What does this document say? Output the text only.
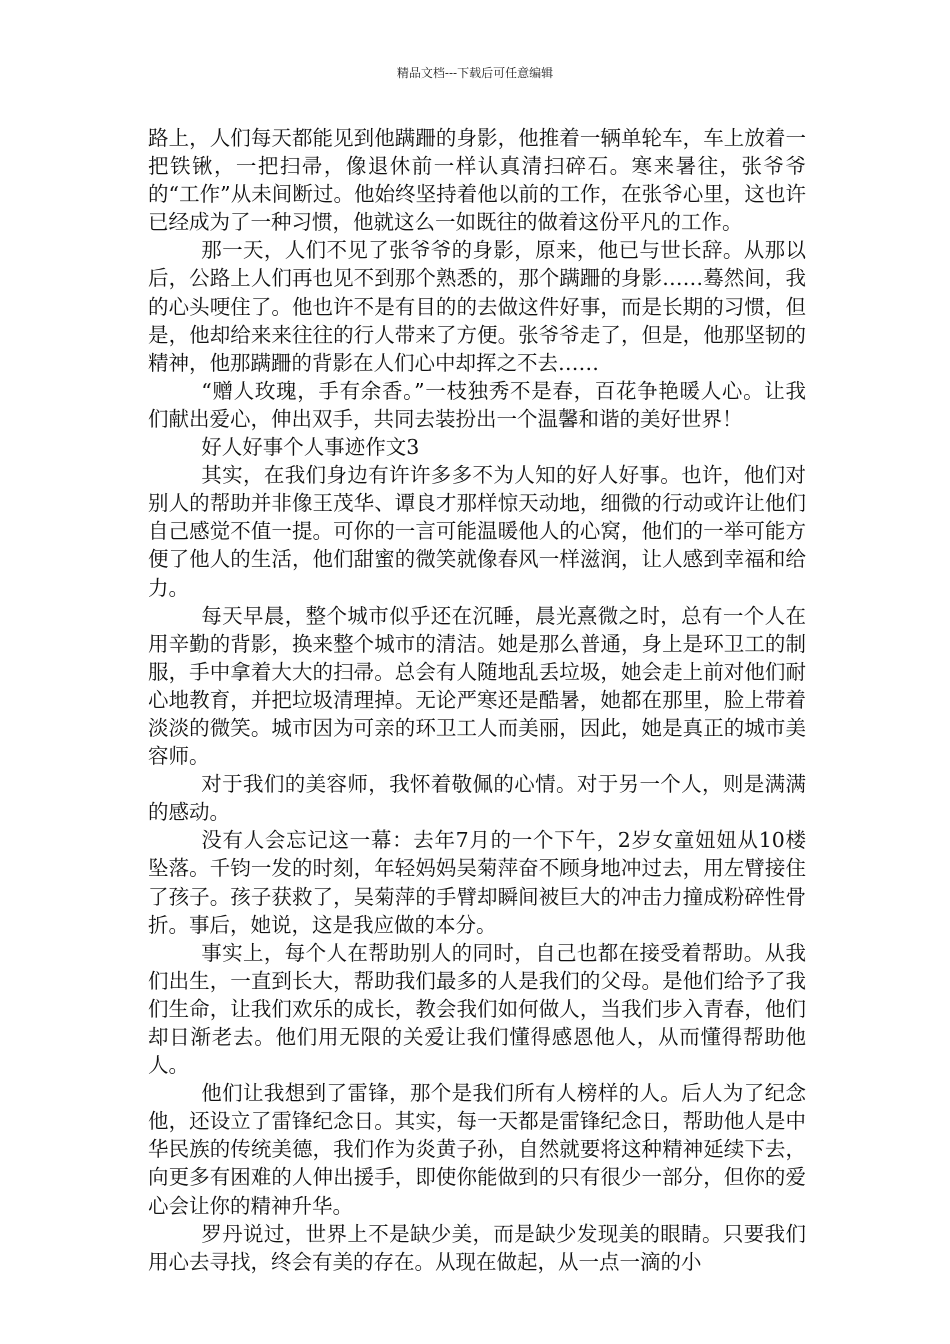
精品文档---下载后可任意编辑

路上，人们每天都能见到他蹒跚的身影，他推着一辆单轮车，车上放着一把铁锹，一把扫帚，像退休前一样认真清扫碎石。寒来暑往，张爷爷的“工作”从未间断过。他始终坚持着他以前的工作，在张爷心里，这也许已经成为了一种习惯，他就这么一如既往的做着这份平凡的工作。

那一天，人们不见了张爷爷的身影，原来，他已与世长辞。从那以后，公路上人们再也见不到那个熟悉的，那个蹒跚的身影……蓦然间，我的心头哽住了。他也许不是有目的的去做这件好事，而是长期的习惯，但是，他却给来来往往的行人带来了方便。张爷爷走了，但是，他那坚韧的精神，他那蹒跚的背影在人们心中却挥之不去……

“赠人玫瑰，手有余香。”一枝独秀不是春，百花争艳暖人心。让我们献出爱心，伸出双手，共同去装扮出一个温馨和谐的美好世界！

好人好事个人事迹作文3

其实，在我们身边有许许多多不为人知的好人好事。也许，他们对别人的帮助并非像王茂华、谭良才那样惊天动地，细微的行动或许让他们自己感觉不值一提。可你的一言可能温暖他人的心窝，他们的一举可能方便了他人的生活，他们甜蜜的微笑就像春风一样滋润，让人感到幸福和给力。

每天早晨，整个城市似乎还在沉睡，晨光熹微之时，总有一个人在用辛勤的背影，换来整个城市的清洁。她是那么普通，身上是环卫工的制服，手中拿着大大的扫帚。总会有人随地乱丢垃圾，她会走上前对他们耐心地教育，并把垃圾清理掉。无论严寒还是酷暑，她都在那里，脸上带着淡淡的微笑。城市因为可亲的环卫工人而美丽，因此，她是真正的城市美容师。

对于我们的美容师，我怀着敬佩的心情。对于另一个人，则是满满的感动。

没有人会忘记这一幕：去年7月的一个下午，2岁女童妞妞从10楼坠落。千钧一发的时刻，年轻妈妈吴菊萍奋不顾身地冲过去，用左臂接住了孩子。孩子获救了，吴菊萍的手臂却瞬间被巨大的冲击力撞成粉碎性骨折。事后，她说，这是我应做的本分。

事实上，每个人在帮助别人的同时，自己也都在接受着帮助。从我们出生，一直到长大，帮助我们最多的人是我们的父母。是他们给予了我们生命，让我们欢乐的成长，教会我们如何做人，当我们步入青春，他们却日渐老去。他们用无限的关爱让我们懂得感恩他人，从而懂得帮助他人。

他们让我想到了雷锋，那个是我们所有人榜样的人。后人为了纪念他，还设立了雷锋纪念日。其实，每一天都是雷锋纪念日，帮助他人是中华民族的传统美德，我们作为炎黄子孙，自然就要将这种精神延续下去，向更多有困难的人伸出援手，即使你能做到的只有很少一部分，但你的爱心会让你的精神升华。

罗丹说过，世界上不是缺少美，而是缺少发现美的眼睛。只要我们用心去寻找，终会有美的存在。从现在做起，从一点一滴的小
